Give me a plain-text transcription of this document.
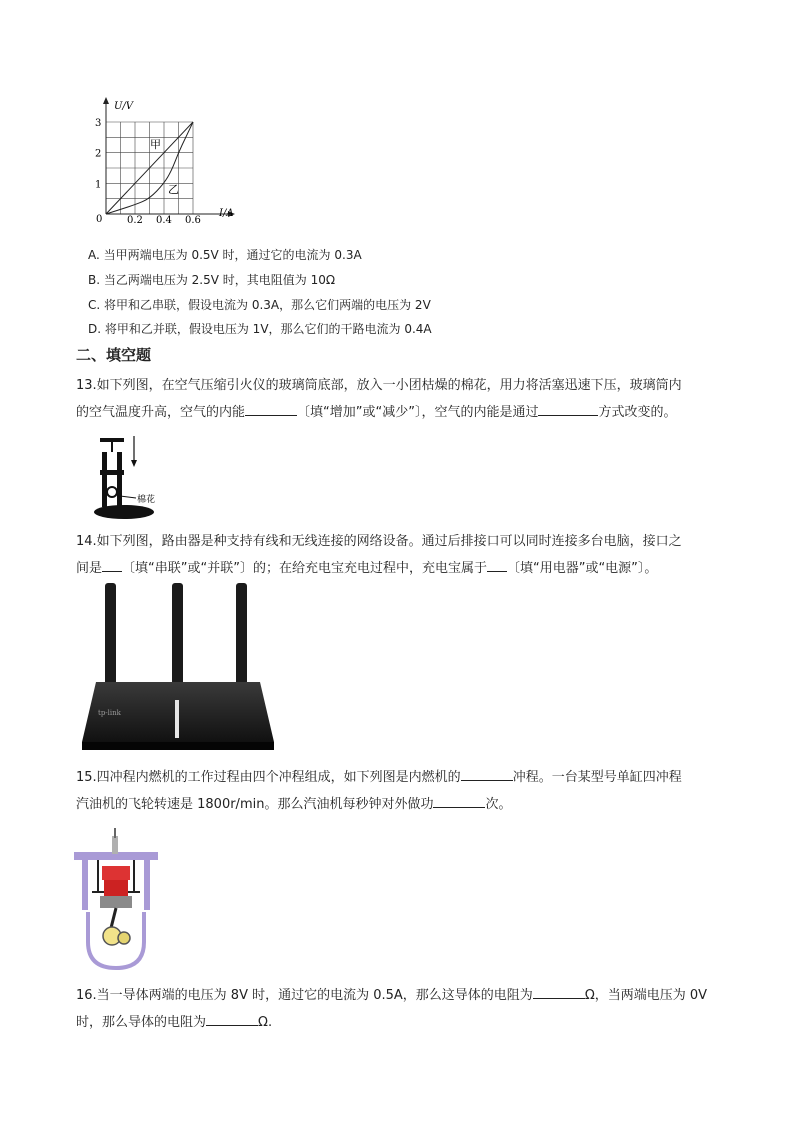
0.2 0.4 0.6
1
2
3
U/V
I/A
0
甲
乙
A. 当甲两端电压为 0.5V 时，通过它的电流为 0.3A
B. 当乙两端电压为 2.5V 时，其电阻值为 10Ω
C. 将甲和乙串联，假设电流为 0.3A，那么它们两端的电压为 2V
D. 将甲和乙并联，假设电压为 1V，那么它们的干路电流为 0.4A
二、填空题
13.如下列图，在空气压缩引火仪的玻璃筒底部，放入一小团枯燥的棉花，用力将活塞迅速下压，玻璃筒内
的空气温度升高，空气的内能	〔填“增加”或“减少”〕，空气的内能是通过	方式改变的。
棉花
14.如下列图，路由器是种支持有线和无线连接的网络设备。通过后排接口可以同时连接多台电脑，接口之
间是 〔填“串联”或“并联”〕的；在给充电宝充电过程中，充电宝属于 〔填“用电器”或“电源”〕。
tp-link
15.四冲程内燃机的工作过程由四个冲程组成，如下列图是内燃机的	冲程。一台某型号单缸四冲程
汽油机的飞轮转速是 1800r/min。那么汽油机每秒钟对外做功	次。
16.当一导体两端的电压为 8V 时，通过它的电流为 0.5A，那么这导体的电阻为	Ω，当两端电压为 0V
时，那么导体的电阻为	Ω.
